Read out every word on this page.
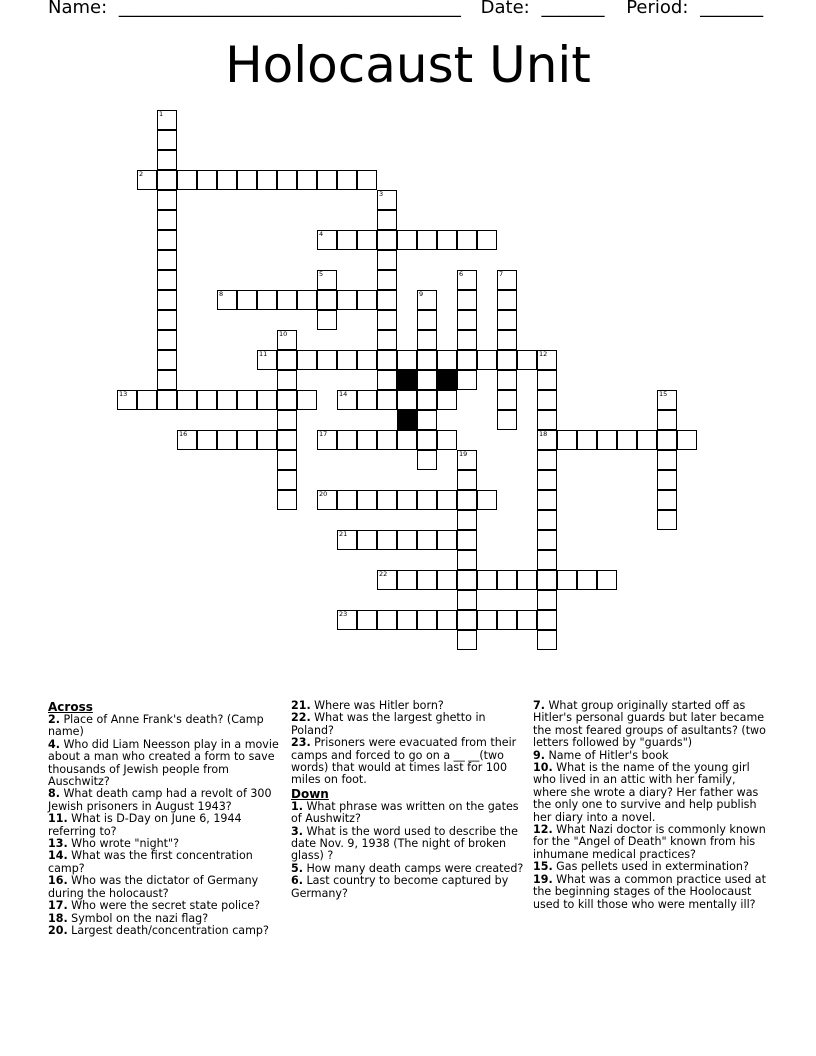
Name: ______________________________________ Date: _______ Period: _______
Holocaust Unit
1
2
3
4
5	6	7
8	9
10
11	12
18
13	14	15
16	17
19
20
21
22
23
Across

2. Place of Anne Frank's death? (Camp name)

4. Who did Liam Neesson play in a movie about a man who created a form to save thousands of Jewish people from Auschwitz?

8. What death camp had a revolt of 300 Jewish prisoners in August 1943?

11. What is D-Day on June 6, 1944 referring to?

13. Who wrote "night"?

14. What was the first concentration camp?

16. Who was the dictator of Germany during the holocaust?

17. Who were the secret state police?

18. Symbol on the nazi flag?

20. Largest death/concentration camp?

21. Where was Hitler born?

22. What was the largest ghetto in Poland?

23. Prisoners were evacuated from their camps and forced to go on a __ __(two words) that would at times last for 100 miles on foot.

Down

1. What phrase was written on the gates of Aushwitz?

3. What is the word used to describe the date Nov. 9, 1938 (The night of broken glass) ?

5. How many death camps were created?

6. Last country to become captured by Germany?

7. What group originally started off as Hitler's personal guards but later became the most feared groups of asultants? (two letters followed by "guards")

9. Name of Hitler's book

10. What is the name of the young girl who lived in an attic with her family, where she wrote a diary? Her father was the only one to survive and help publish her diary into a novel.

12. What Nazi doctor is commonly known for the "Angel of Death" known from his inhumane medical practices?

15. Gas pellets used in extermination?

19. What was a common practice used at the beginning stages of the Hoolocaust used to kill those who were mentally ill?
